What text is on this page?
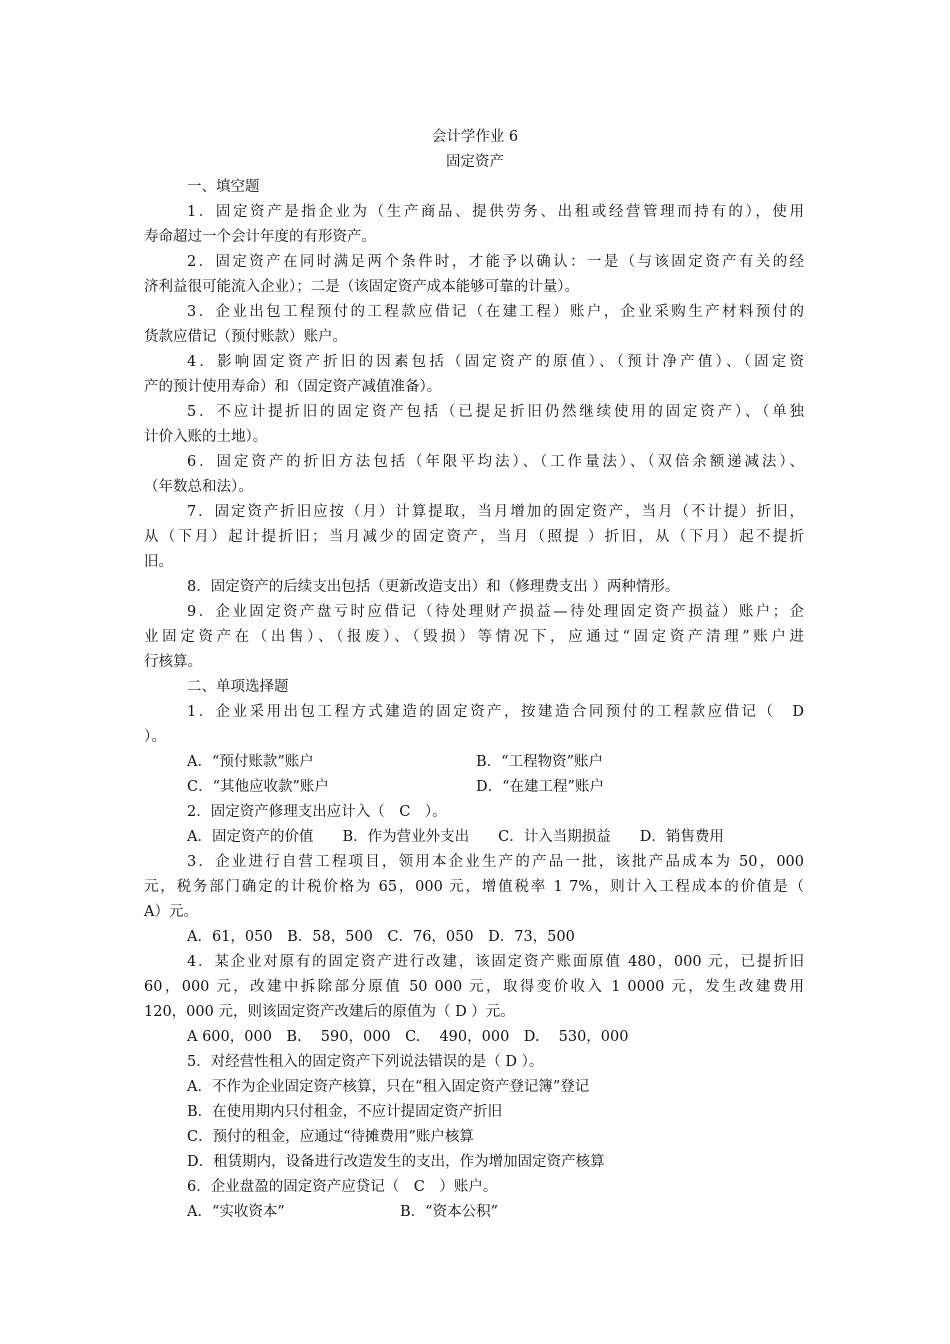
会计学作业 6
固定资产
一、填空题
1．固定资产是指企业为（生产商品、提供劳务、出租或经营管理而持有的），使用
寿命超过一个会计年度的有形资产。
2．固定资产在同时满足两个条件时，才能予以确认：一是（与该固定资产有关的经
济利益很可能流入企业）；二是（该固定资产成本能够可靠的计量）。
3．企业出包工程预付的工程款应借记（在建工程）账户，企业采购生产材料预付的
货款应借记（预付账款）账户。
4．影响固定资产折旧的因素包括（固定资产的原值）、（预计净产值）、（固定资
产的预计使用寿命）和（固定资产减值准备）。
5．不应计提折旧的固定资产包括（已提足折旧仍然继续使用的固定资产）、（单独
计价入账的土地）。
6．固定资产的折旧方法包括（年限平均法）、（工作量法）、（双倍余额递减法）、
（年数总和法）。
7．固定资产折旧应按（月）计算提取，当月增加的固定资产，当月（不计提）折旧，
从（下月）起计提折旧；当月减少的固定资产，当月（照提 ）折旧，从（下月）起不提折
旧。
8．固定资产的后续支出包括（更新改造支出）和（修理费支出 ）两种情形。
9．企业固定资产盘亏时应借记（待处理财产损益—待处理固定资产损益）账户；企
业固定资产在（出售）、（报废）、（毁损）等情况下，应通过“固定资产清理”账户进
行核算。
二、单项选择题
1．企业采用出包工程方式建造的固定资产，按建造合同预付的工程款应借记（　D
）。
A．“预付账款”账户	B．“工程物资”账户
C．“其他应收款”账户	D．“在建工程”账户
2．固定资产修理支出应计入（　C　）。
A．固定资产的价值　　B．作为营业外支出　　C．计入当期损益　　D．销售费用
3．企业进行自营工程项目，领用本企业生产的产品一批，该批产品成本为 50，000
元，税务部门确定的计税价格为 65，000 元，增值税率 1 7%，则计入工程成本的价值是（
A）元。
A．61，050　B．58，500　C．76，050　D．73，500
4．某企业对原有的固定资产进行改建，该固定资产账面原值 480，000 元，已提折旧
60，000 元，改建中拆除部分原值 50 000 元，取得变价收入 1 0000 元，发生改建费用
120，000 元，则该固定资产改建后的原值为（ D ）元。
A 600，000　B.　 590，000　C.　 490，000　D.　 530，000
5．对经营性租入的固定资产下列说法错误的是（ D ）。
A．不作为企业固定资产核算，只在“租入固定资产登记簿”登记
B．在使用期内只付租金，不应计提固定资产折旧
C．预付的租金，应通过“待摊费用”账户核算
D．租赁期内，设备进行改造发生的支出，作为增加固定资产核算
6．企业盘盈的固定资产应贷记（　C　）账户。
A．“实收资本”	B．“资本公积”
